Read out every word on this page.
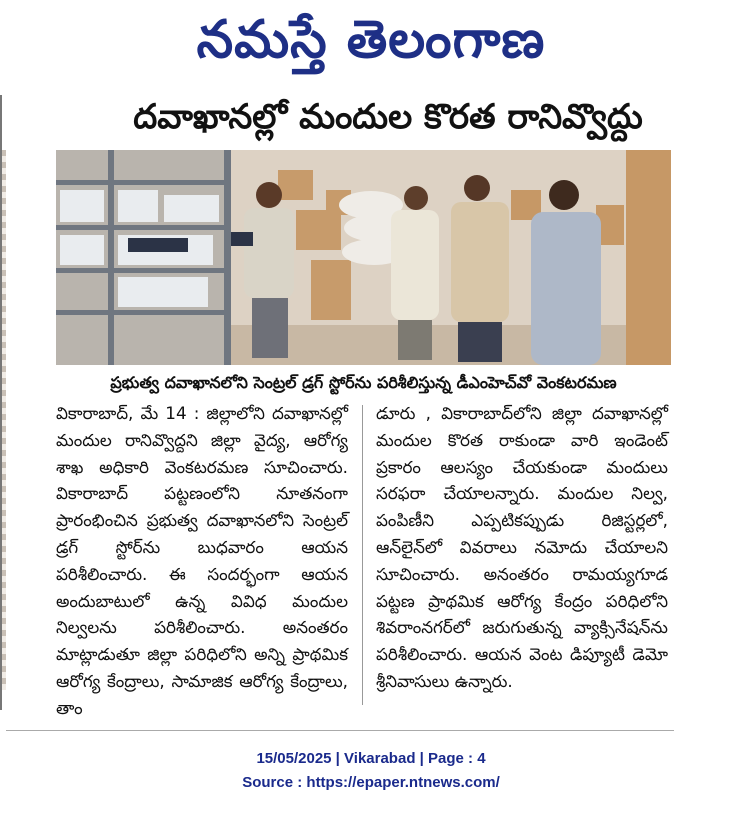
నమస్తే తెలంగాణ
దవాఖానల్లో మందుల కొరత రానివ్వొద్దు
ప్రభుత్వ దవాఖానలోని సెంట్రల్ డ్రగ్ స్టోర్‌ను పరిశీలిస్తున్న డీఎంహెచ్‌వో వెంకటరమణ

వికారాబాద్, మే 14 : జిల్లాలోని దవాఖానల్లో మందుల రానివ్వొద్దని జిల్లా వైద్య, ఆరోగ్య శాఖ అధికారి వెంకటరమణ సూచించారు. వికారాబాద్ పట్టణంలోని నూతనంగా ప్రారంభించిన ప్రభుత్వ దవాఖానలోని సెంట్రల్ డ్రగ్ స్టోర్‌ను బుధవారం ఆయన పరిశీలించారు. ఈ సందర్భంగా ఆయన అందుబాటులో ఉన్న వివిధ మందుల నిల్వలను పరిశీలించారు. అనంతరం మాట్లాడుతూ జిల్లా పరిధిలోని అన్ని ప్రాథమిక ఆరోగ్య కేంద్రాలు, సామాజిక ఆరోగ్య కేంద్రాలు, తాం

డూరు , వికారాబాద్‌లోని జిల్లా దవాఖానల్లో మందుల కొరత రాకుండా వారి ఇండెంట్ ప్రకారం ఆలస్యం చేయకుండా మందులు సరఫరా చేయాలన్నారు. మందుల నిల్వ, పంపిణీని ఎప్పటికప్పుడు రిజిస్టర్లలో, ఆన్‌లైన్‌లో వివరాలు నమోదు చేయాలని సూచించారు. అనంతరం రామయ్యగూడ పట్టణ ప్రాథమిక ఆరోగ్య కేంద్రం పరిధిలోని శివరాంనగర్‌లో జరుగుతున్న వ్యాక్సినేషన్‌ను పరిశీలించారు. ఆయన వెంట డిప్యూటీ డెమో శ్రీనివాసులు ఉన్నారు.

15/05/2025 | Vikarabad | Page : 4
Source : https://epaper.ntnews.com/
